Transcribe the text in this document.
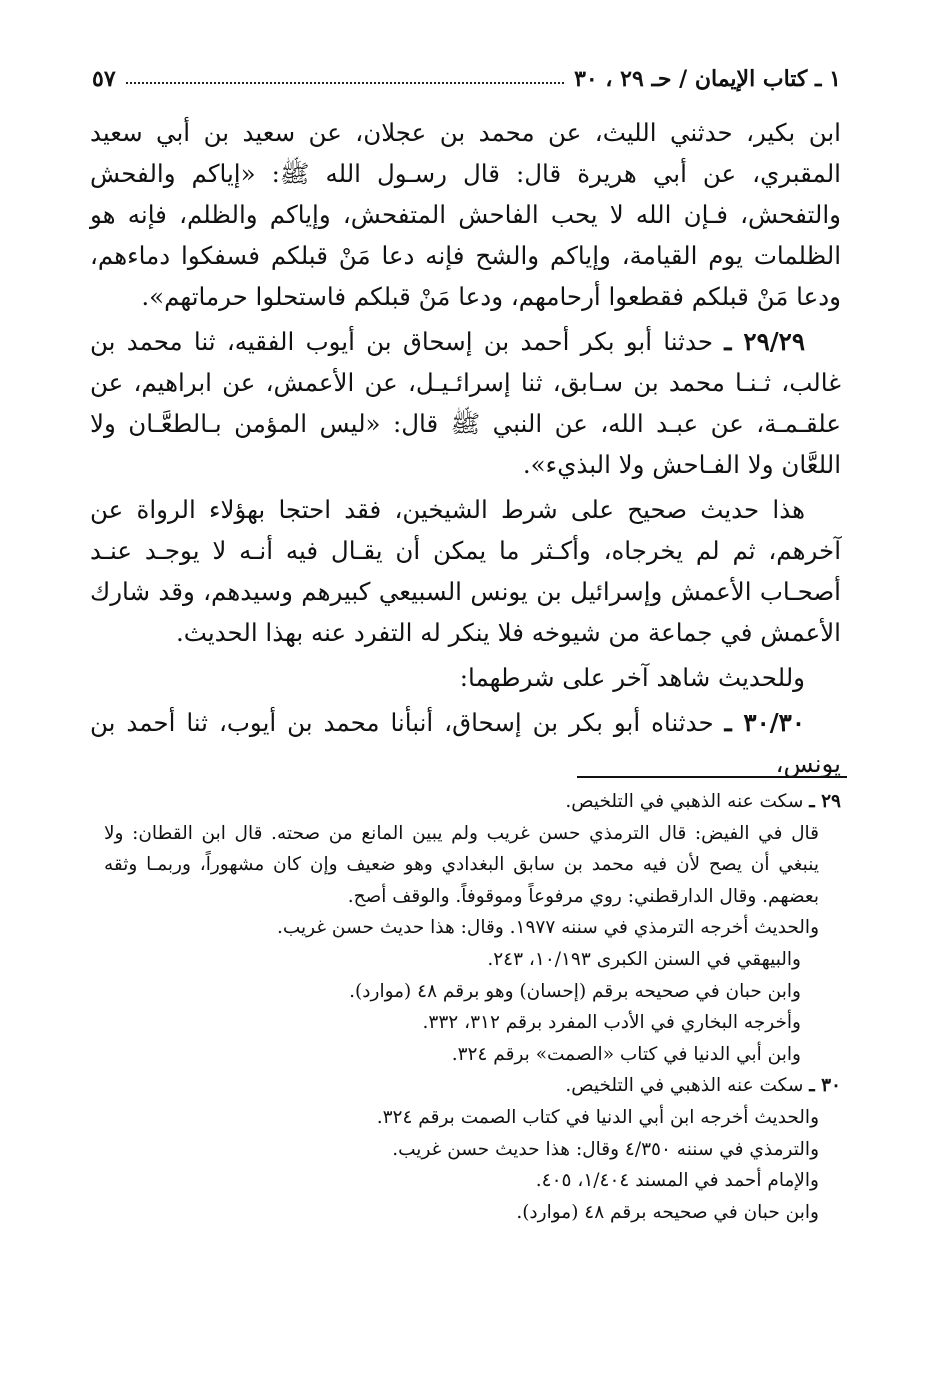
١ ـ كتاب الإيمان / حـ ٢٩ ، ٣٠
٥٧

ابن بكير، حدثني الليث، عن محمد بن عجلان، عن سعيد بن أبي سعيد المقبري، عن أبي هريرة قال: قال رسـول الله ﷺ: «إياكم والفحش والتفحش، فـإن الله لا يحب الفاحش المتفحش، وإياكم والظلم، فإنه هو الظلمات يوم القيامة، وإياكم والشح فإنه دعا مَنْ قبلكم فسفكوا دماءهم، ودعا مَنْ قبلكم فقطعوا أرحامهم، ودعا مَنْ قبلكم فاستحلوا حرماتهم».

٢٩/٢٩ ـ حدثنا أبو بكر أحمد بن إسحاق بن أيوب الفقيه، ثنا محمد بن غالب، ثـنـا محمد بن سـابق، ثنا إسرائـيـل، عن الأعمش، عن ابراهيم، عن علقـمـة، عن عبـد الله، عن النبي ﷺ قال: «ليس المؤمن بـالطعَّـان ولا اللعَّان ولا الفـاحش ولا البذيء».

هذا حديث صحيح على شرط الشيخين، فقد احتجا بهؤلاء الرواة عن آخرهم، ثم لم يخرجاه، وأكـثر ما يمكن أن يقـال فيه أنـه لا يوجـد عنـد أصحـاب الأعمش وإسرائيل بن يونس السبيعي كبيرهم وسيدهم، وقد شارك الأعمش في جماعة من شيوخه فلا ينكر له التفرد عنه بهذا الحديث.

وللحديث شاهد آخر على شرطهما:

٣٠/٣٠ ـ حدثناه أبو بكر بن إسحاق، أنبأنا محمد بن أيوب، ثنا أحمد بن يونس،

٢٩ ـ سكت عنه الذهبي في التلخيص.

قال في الفيض: قال الترمذي حسن غريب ولم يبين المانع من صحته. قال ابن القطان: ولا ينبغي أن يصح لأن فيه محمد بن سابق البغدادي وهو ضعيف وإن كان مشهوراً، وربمـا وثقه بعضهم. وقال الدارقطني: روي مرفوعاً وموقوفاً. والوقف أصح.

والحديث أخرجه الترمذي في سننه ١٩٧٧. وقال: هذا حديث حسن غريب.

والبيهقي في السنن الكبرى ١٠/١٩٣، ٢٤٣.

وابن حبان في صحيحه برقم (إحسان) وهو برقم ٤٨ (موارد).

وأخرجه البخاري في الأدب المفرد برقم ٣١٢، ٣٣٢.

وابن أبي الدنيا في كتاب «الصمت» برقم ٣٢٤.

٣٠ ـ سكت عنه الذهبي في التلخيص.

والحديث أخرجه ابن أبي الدنيا في كتاب الصمت برقم ٣٢٤.

والترمذي في سننه ٤/٣٥٠ وقال: هذا حديث حسن غريب.

والإمام أحمد في المسند ١/٤٠٤، ٤٠٥.

وابن حبان في صحيحه برقم ٤٨ (موارد).
